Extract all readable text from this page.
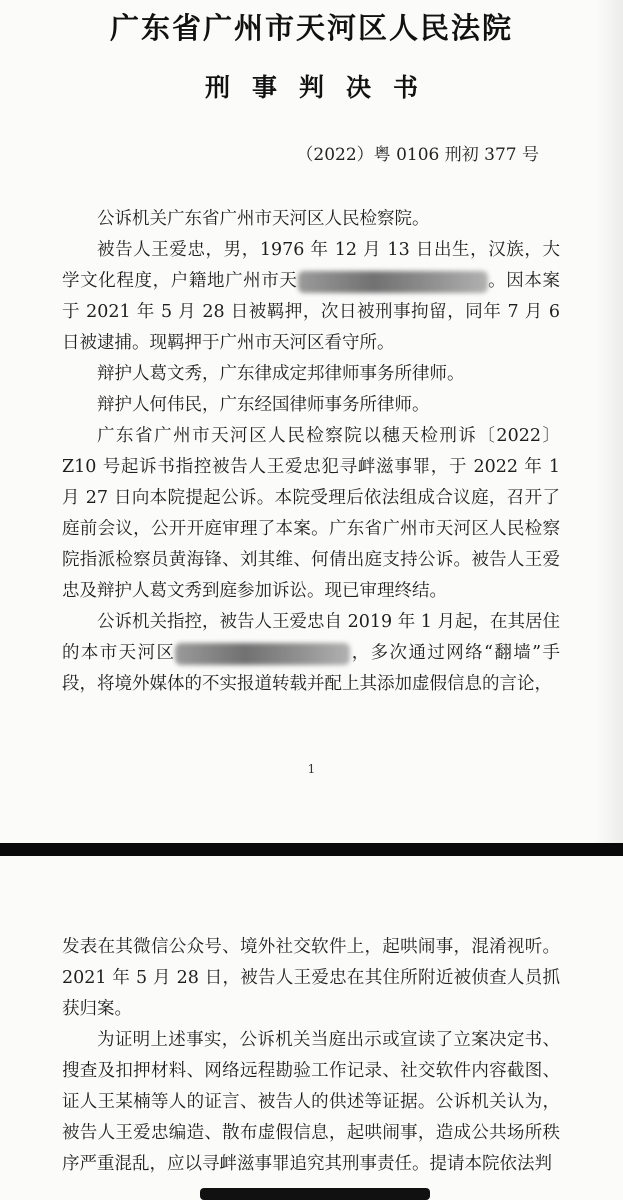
广东省广州市天河区人民法院
刑事判决书
（2022）粤 0106 刑初 377 号

公诉机关广东省广州市天河区人民检察院。

被告人王爱忠，男，1976 年 12 月 13 日出生，汉族，大学文化程度，户籍地广州市天	。因本案于 2021 年 5 月 28 日被羁押，次日被刑事拘留，同年 7 月 6 日被逮捕。现羁押于广州市天河区看守所。

辩护人葛文秀，广东律成定邦律师事务所律师。

辩护人何伟民，广东经国律师事务所律师。

广东省广州市天河区人民检察院以穗天检刑诉〔2022〕Z10 号起诉书指控被告人王爱忠犯寻衅滋事罪，于 2022 年 1 月 27 日向本院提起公诉。本院受理后依法组成合议庭，召开了庭前会议，公开开庭审理了本案。广东省广州市天河区人民检察院指派检察员黄海锋、刘其维、何倩出庭支持公诉。被告人王爱忠及辩护人葛文秀到庭参加诉讼。现已审理终结。

公诉机关指控，被告人王爱忠自 2019 年 1 月起，在其居住的本市天河区	，多次通过网络“翻墙”手段，将境外媒体的不实报道转载并配上其添加虚假信息的言论，

1

发表在其微信公众号、境外社交软件上，起哄闹事，混淆视听。2021 年 5 月 28 日，被告人王爱忠在其住所附近被侦查人员抓获归案。

为证明上述事实，公诉机关当庭出示或宣读了立案决定书、搜查及扣押材料、网络远程勘验工作记录、社交软件内容截图、证人王某楠等人的证言、被告人的供述等证据。公诉机关认为，被告人王爱忠编造、散布虚假信息，起哄闹事，造成公共场所秩序严重混乱，应以寻衅滋事罪追究其刑事责任。提请本院依法判
